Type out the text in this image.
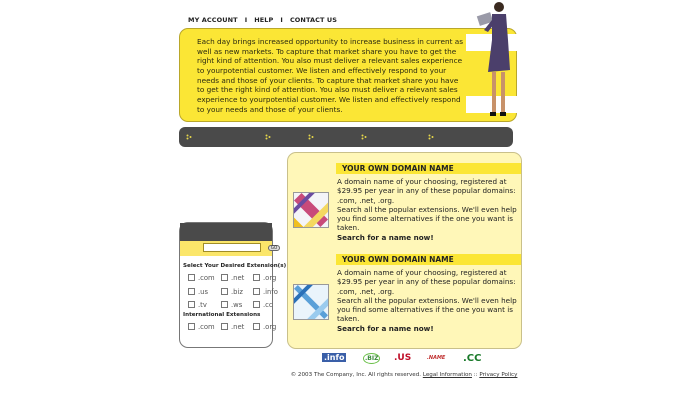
MY ACCOUNT I HELP I CONTACT US
Each day brings increased opportunity to increase business in current as well as new markets. To capture that market share you have to get the right kind of attention. You also must deliver a relevant sales experience to yourpotential customer. We listen and effectively respond to your needs and those of your clients. To capture that market share you have to get the right kind of attention. You also must deliver a relevant sales experience to yourpotential customer. We listen and effectively respond to your needs and those of your clients.
YOUR OWN DOMAIN NAME
A domain name of your choosing, registered at $29.95 per year in any of these popular domains: .com, .net, .org.
Search all the popular extensions. We'll even help you find some alternatives if the one you want is taken.
Search for a name now!
YOUR OWN DOMAIN NAME
A domain name of your choosing, registered at $29.95 per year in any of these popular domains: .com, .net, .org.
Search all the popular extensions. We'll even help you find some alternatives if the one you want is taken.
Search for a name now!
GO
Select Your Desired Extension(s)
.com	.net	.org
.us	.biz	.info
.tv	.ws	.cc
International Extensions
.com	.net	.org
.info	.BIZ .US	.NAME .CC
© 2003 The Company, Inc. All rights reserved. Legal Information :: Privacy Policy
